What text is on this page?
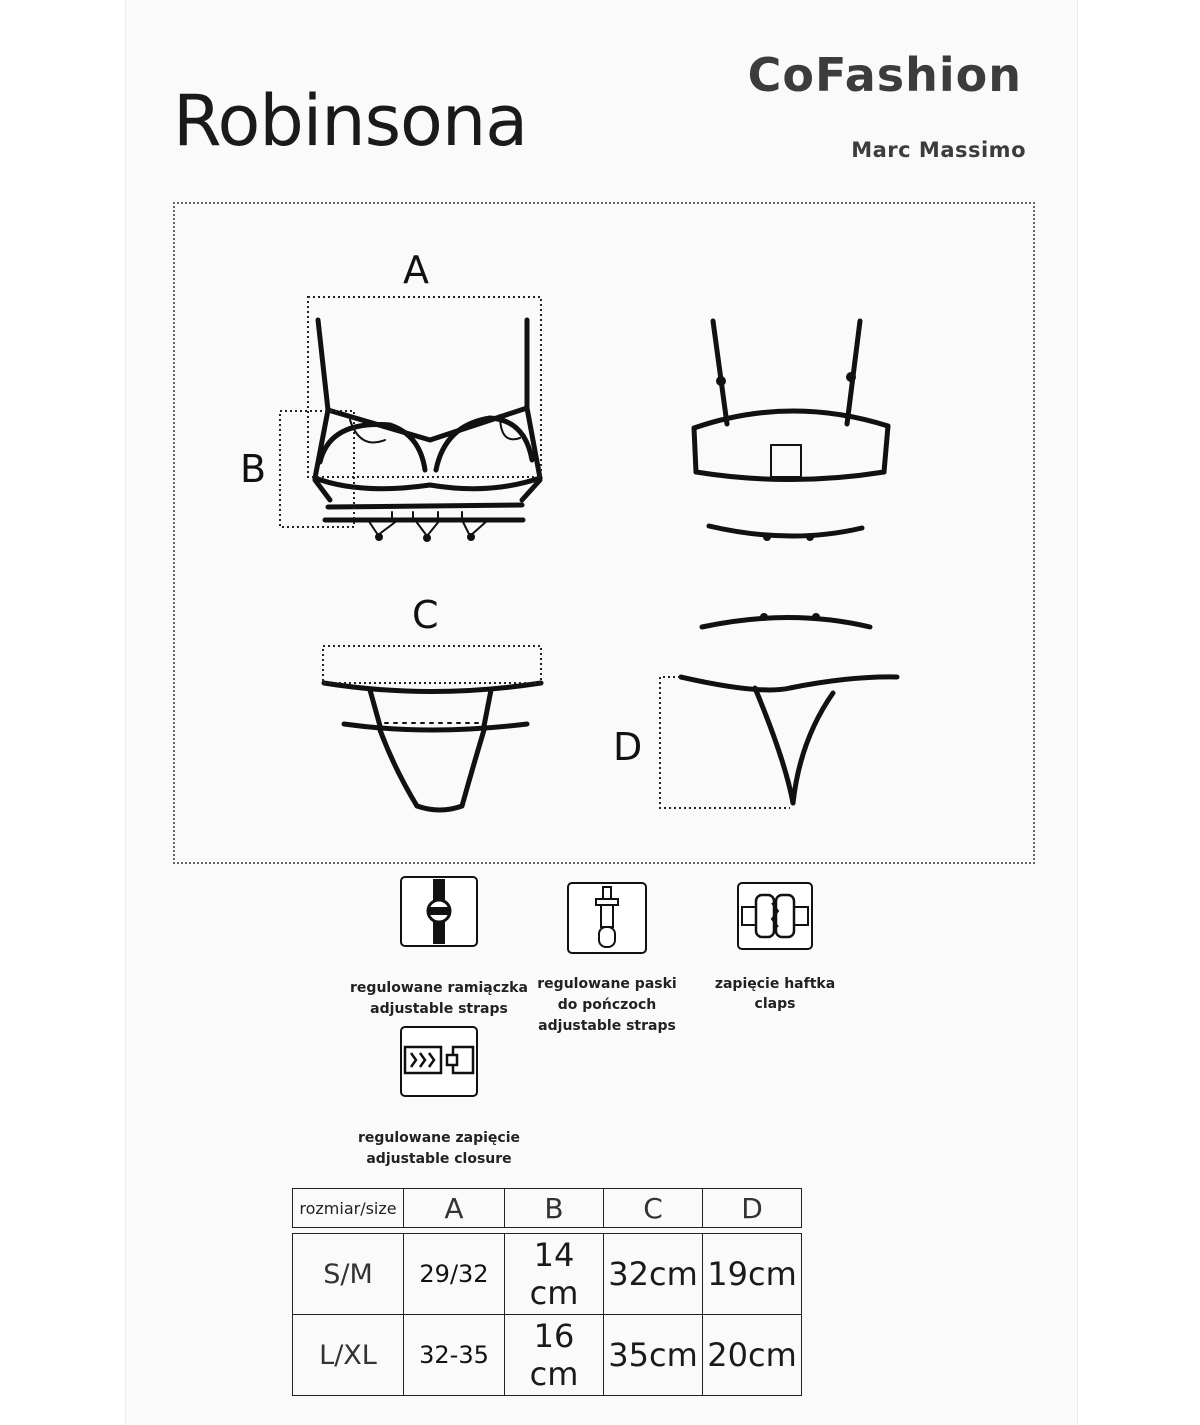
Robinsona
CoFashion
Marc Massimo
A
B
C
D
regulowane ramiączka
adjustable straps
regulowane paski
do pończoch
adjustable straps
zapięcie haftka
claps
regulowane zapięcie
adjustable closure
rozmiar/size	A	B	C	D

S/M	29/32	14 cm	32cm	19cm
L/XL	32-35	16 cm	35cm	20cm
